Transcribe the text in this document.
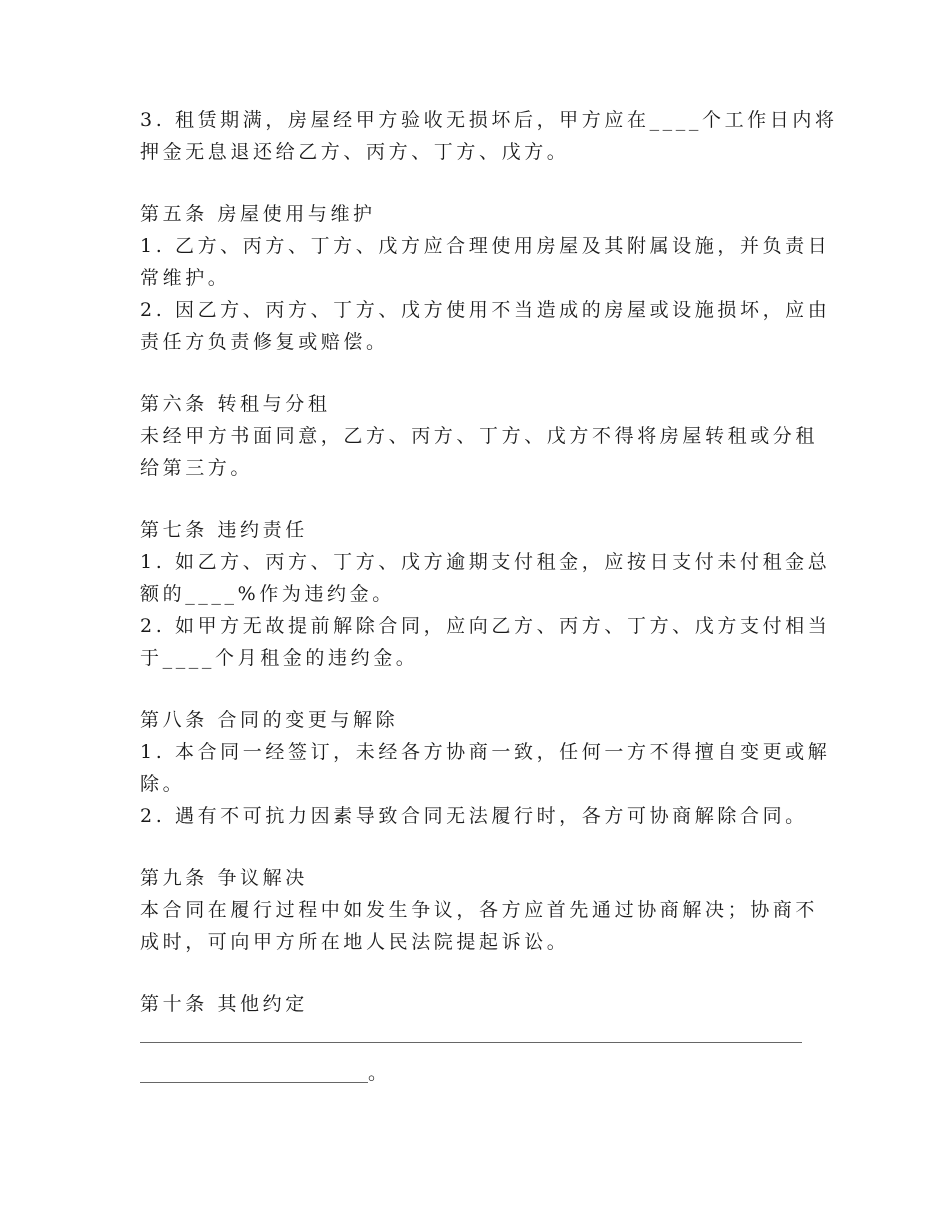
3. 租赁期满，房屋经甲方验收无损坏后，甲方应在____个工作日内将
押金无息退还给乙方、丙方、丁方、戊方。
第五条 房屋使用与维护
1. 乙方、丙方、丁方、戊方应合理使用房屋及其附属设施，并负责日
常维护。
2. 因乙方、丙方、丁方、戊方使用不当造成的房屋或设施损坏，应由
责任方负责修复或赔偿。
第六条 转租与分租
未经甲方书面同意，乙方、丙方、丁方、戊方不得将房屋转租或分租
给第三方。
第七条 违约责任
1. 如乙方、丙方、丁方、戊方逾期支付租金，应按日支付未付租金总
额的____%作为违约金。
2. 如甲方无故提前解除合同，应向乙方、丙方、丁方、戊方支付相当
于____个月租金的违约金。
第八条 合同的变更与解除
1. 本合同一经签订，未经各方协商一致，任何一方不得擅自变更或解
除。
2. 遇有不可抗力因素导致合同无法履行时，各方可协商解除合同。
第九条 争议解决
本合同在履行过程中如发生争议，各方应首先通过协商解决；协商不
成时，可向甲方所在地人民法院提起诉讼。
第十条 其他约定
。
